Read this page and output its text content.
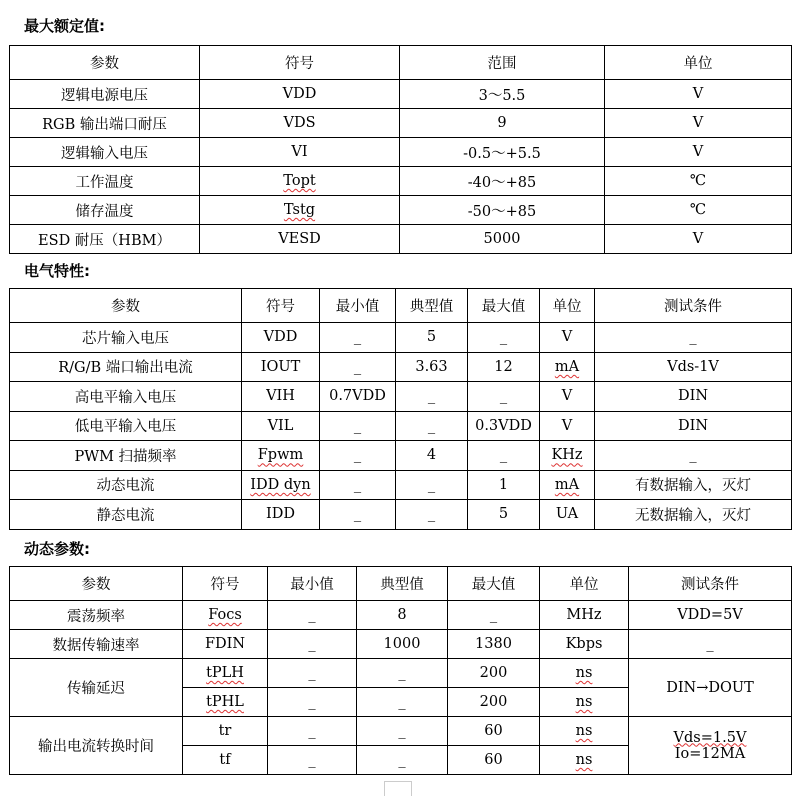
最大额定值:
参数	符号	范围	单位
逻辑电源电压	VDD	3～5.5	V
RGB 输出端口耐压	VDS	9	V
逻辑输入电压	VI	-0.5～+5.5	V
工作温度	Topt	-40～+85	℃
储存温度	Tstg	-50～+85	℃
ESD 耐压（HBM）	VESD	5000	V
电气特性:
参数	符号	最小值	典型值	最大值	单位	测试条件
芯片输入电压	VDD	_	5	_	V	_
R/G/B 端口输出电流	IOUT	_	3.63	12	mA	Vds-1V
高电平输入电压	VIH	0.7VDD	_	_	V	DIN
低电平输入电压	VIL	_	_	0.3VDD	V	DIN
PWM 扫描频率	Fpwm	_	4	_	KHz	_
动态电流	IDD dyn	_	_	1	mA	有数据输入，灭灯
静态电流	IDD	_	_	5	UA	无数据输入，灭灯
动态参数:
参数	符号	最小值	典型值	最大值	单位	测试条件
震荡频率	Focs	_	8	_	MHz	VDD=5V
数据传输速率	FDIN	_	1000	1380	Kbps	_
传输延迟	tPLH	_	_	200	ns	DIN→DOUT
	tPHL	_	_	200	ns	
输出电流转换时间	tr	_	_	60	ns	Vds=1.5V
Io=12MA

	tf	_	_	60	ns	
